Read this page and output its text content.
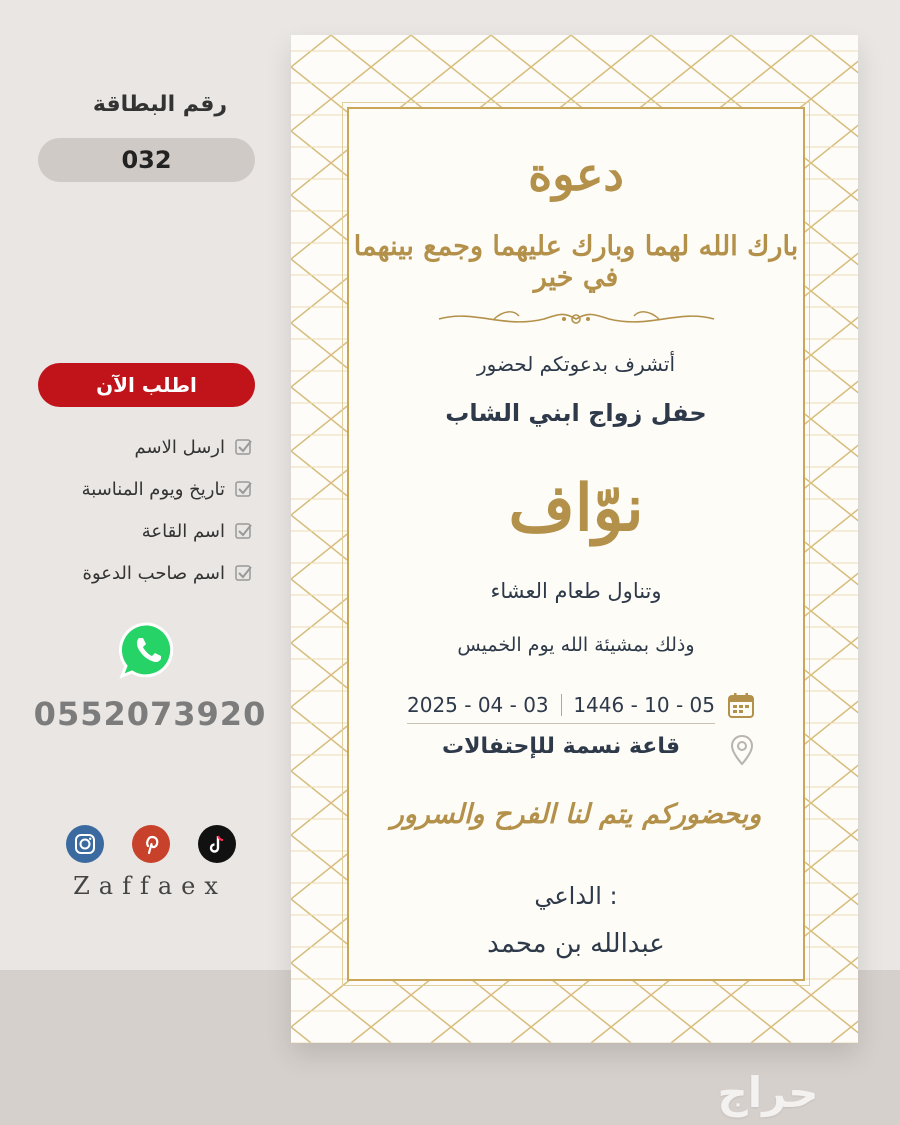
رقم البطاقة
032
اطلب الآن
ارسل الاسم
تاريخ ويوم المناسبة
اسم القاعة
اسم صاحب الدعوة
0552073920
Zaffaex
دعوة
بارك الله لهما وبارك عليهما وجمع بينهما في خير
أتشرف بدعوتكم لحضور
حفل زواج ابني الشاب
نوّاف
وتناول طعام العشاء
وذلك بمشيئة الله يوم الخميس
2025 - 04 - 03 1446 - 10 - 05
قاعة نسمة للإحتفالات
وبحضوركم يتم لنا الفرح والسرور
الداعي :
عبدالله بن محمد
حراج
